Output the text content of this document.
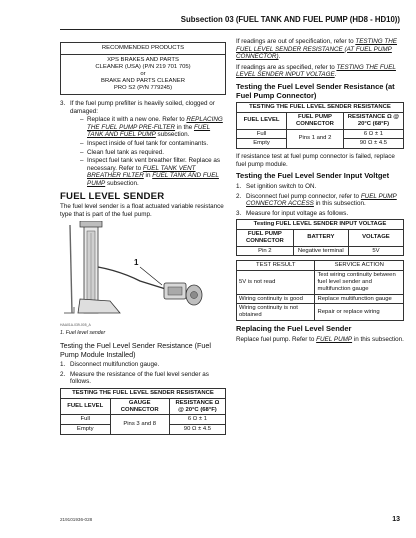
Subsection 03 (FUEL TANK AND FUEL PUMP (HD8 - HD10))
RECOMMENDED PRODUCTS

XPS BRAKES AND PARTS
CLEANER (USA) (P/N 219 701 705)
or
BRAKE AND PARTS CLEANER
PRO S2 (P/N 779245)
3. If the fuel pump prefilter is heavily soiled, clogged or damaged:
– Replace it with a new one. Refer to REPLACING THE FUEL PUMP PRE-FILTER in the FUEL TANK AND FUEL PUMP subsection.
– Inspect inside of fuel tank for contaminants.
– Clean fuel tank as required.
– Inspect fuel tank vent breather filter. Replace as necessary. Refer to FUEL TANK VENT BREATHER FILTER in FUEL TANK AND FUEL PUMP subsection.
FUEL LEVEL SENDER

The fuel level sender is a float actuated variable resistance type that is part of the fuel pump.

1
HAA01A-039-005_A
1. Fuel level sender
Testing the Fuel Level Sender Resistance (Fuel Pump Module Installed)
1. Disconnect multifunction gauge.
2. Measure the resistance of the fuel level sender as follows.
TESTING THE FUEL LEVEL SENDER RESISTANCE		
FUEL LEVEL	GAUGE CONNECTOR	RESISTANCE Ω @ 20°C (68°F)
Full	Pins 3 and 8	6 Ω ± 1
Empty		90 Ω ± 4.5

If readings are out of specification, refer to TESTING THE FUEL LEVEL SENDER RESISTANCE (AT FUEL PUMP CONNECTOR).

If readings are as specified, refer to TESTING THE FUEL LEVEL SENDER INPUT VOLTAGE.

Testing the Fuel Level Sender Resistance (at Fuel Pump Connector)
TESTING THE FUEL LEVEL SENDER RESISTANCE		
FUEL LEVEL	FUEL PUMP CONNECTOR	RESISTANCE Ω @ 20°C (68°F)
Full	Pins 1 and 2	6 Ω ± 1
Empty		90 Ω ± 4.5

If resistance test at fuel pump connector is failed, replace fuel pump module.

Testing the Fuel Level Sender Input Voltget
1. Set ignition switch to ON.
2. Disconnect fuel pump connector, refer to FUEL PUMP CONNECTOR ACCESS in this subsection.
3. Measure for input voltage as follows.
Testing FUEL LEVEL SENDER INPUT VOLTAGE		
FUEL PUMP CONNECTOR	BATTERY	VOLTAGE
Pin 2	Negative terminal	5V
TEST RESULT	SERVICE ACTION
5V is not read	Test wiring continuity between fuel level sender and multifunction gauge
Wiring continuity is good	Replace multifunction gauge
Wiring continuity is not obtained	Repair or replace wiring
Replacing the Fuel Level Sender

Replace fuel pump. Refer to FUEL PUMP in this subsection.

219101936-028	13
